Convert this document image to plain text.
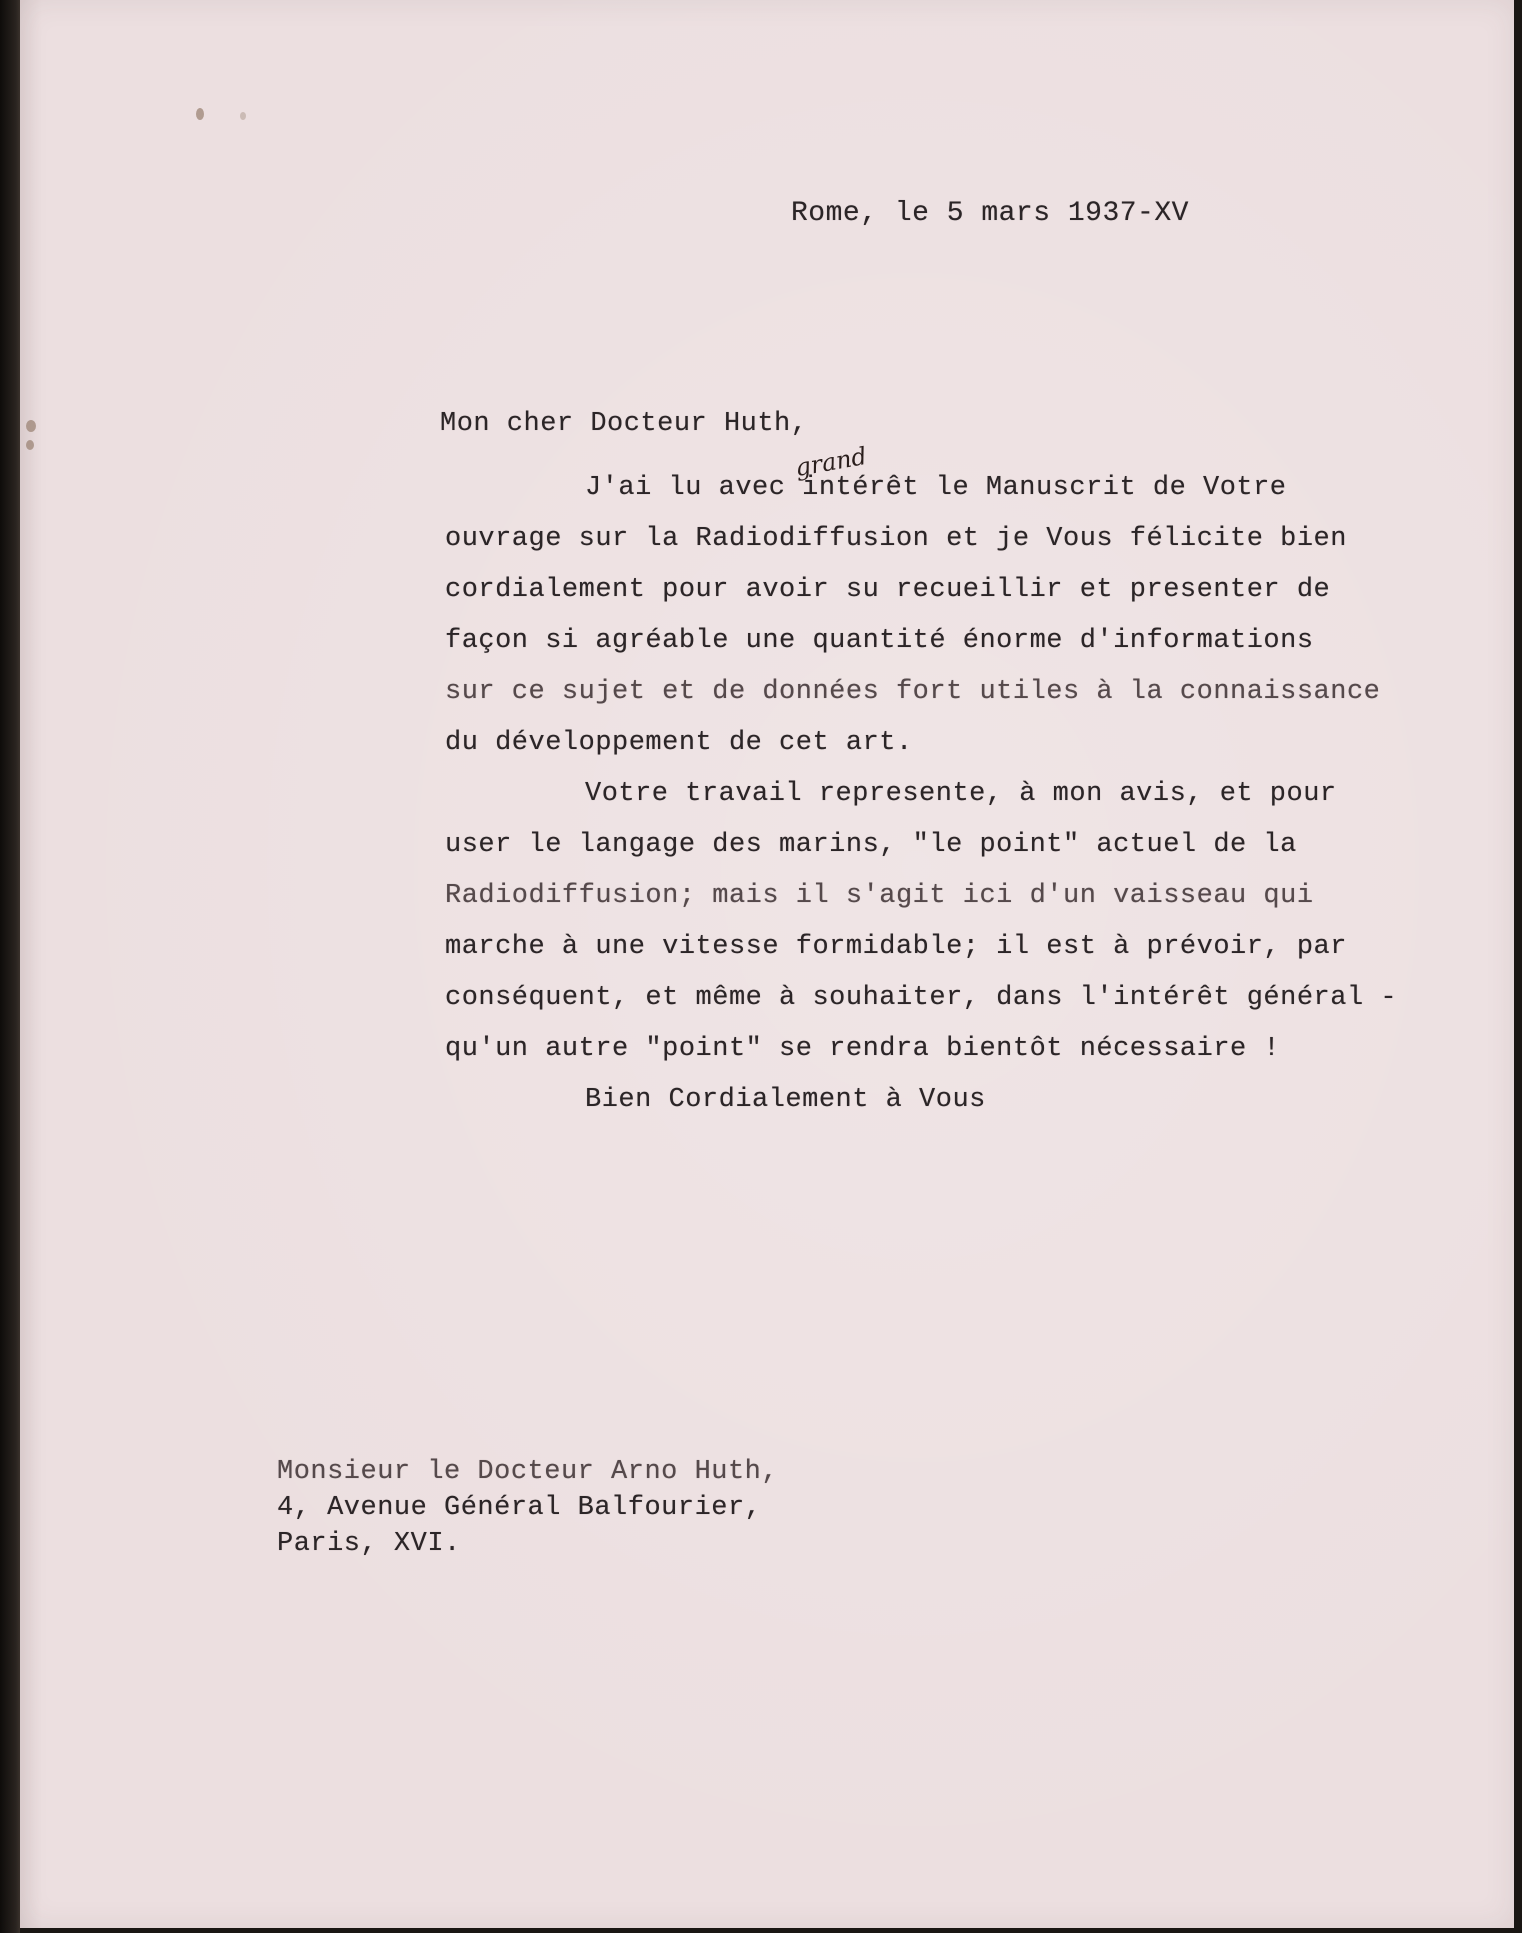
Rome, le 5 mars 1937-XV
Mon cher Docteur Huth,
grand
J'ai lu avec intérêt le Manuscrit de Votre
ouvrage sur la Radiodiffusion et je Vous félicite bien
cordialement pour avoir su recueillir et presenter de
façon si agréable une quantité énorme d'informations
sur ce sujet et de données fort utiles à la connaissance
du développement de cet art.
Votre travail represente, à mon avis, et pour
user le langage des marins, "le point" actuel de la
Radiodiffusion; mais il s'agit ici d'un vaisseau qui
marche à une vitesse formidable; il est à prévoir, par
conséquent, et même à souhaiter, dans l'intérêt général -
qu'un autre "point" se rendra bientôt nécessaire !
Bien Cordialement à Vous
Monsieur le Docteur Arno Huth,
4, Avenue Général Balfourier,
Paris, XVI.
